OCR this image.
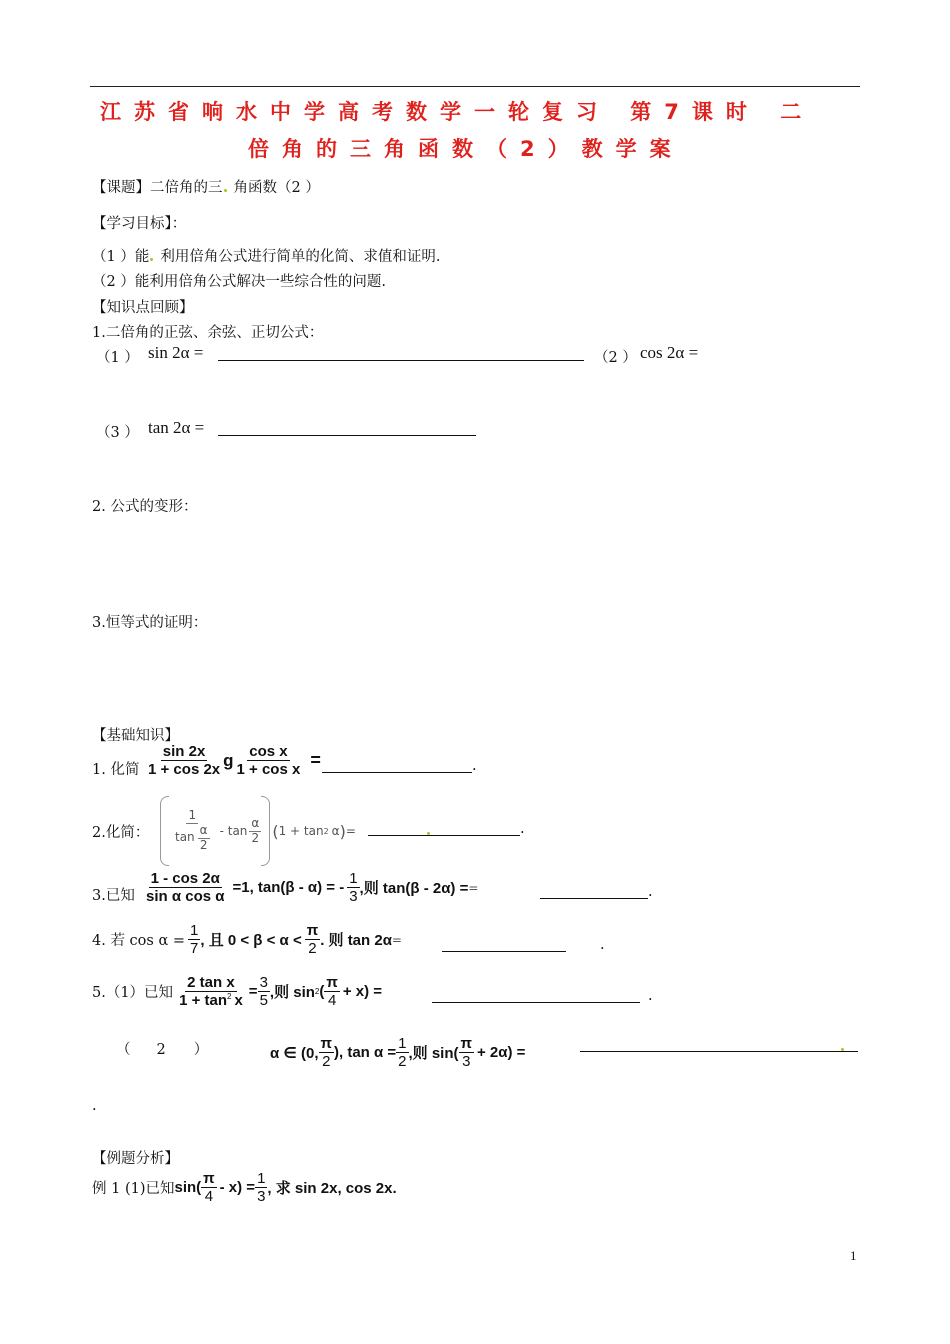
江苏省响水中学高考数学一轮复习 第7课时 二
倍角的三角函数（2）教学案
【课题】二倍角的三 角函数（2 ）
【学习目标】：
（1 ）能 利用倍角公式进行简单的化简、求值和证明.
（2 ）能利用倍角公式解决一些综合性的问题.
【知识点回顾】
1.二倍角的正弦、余弦、正切公式：
（1 ） sin 2α =	（2 ） cos 2α =
（3 ） tan 2α =
2. 公式的变形：
3.恒等式的证明：
【基础知识】
1. 化简 $\frac{\sin 2x}{1 + \cos 2x}$ g $\frac{\text{cos x}}{\text{1 + cos x}}$ =	.
2.化简： $\frac{1}{\tan \frac{\alpha}{2}}$ - $\tan \frac{\alpha}{2}$ ( 1 + tan 2 α ) =	.
3.已知 $\frac{1 - \cos 2\alpha}{\text{sin α cos α}} =1$, tan(β - α) = - $\frac{1}{3}$ ,则 tan(β - 2α) = =	.
4. 若 $\cos \alpha = \frac{1}{7}$ , 且 $0 < \beta < \alpha < \frac{\pi}{2}$ . 则 tan 2α =	.
5.（1）已知 $\frac{\text{2 tan x}}{1 + \tan^2 x} = \frac{3}{5}$ ,则 sin 2 ( $\frac{\pi}{4} + x$) =	.
（ 2 ）	α ∈ (0, $\frac{\pi}{2}$ ), $\tan \alpha = \frac{1}{2}$ ,则 $\sin( \frac{\pi}{3} + 2\alpha)$ =
.
【例题分析】
例 1 (1)已知 $\sin( \frac{\pi}{4} - x) = \frac{1}{3}$ , 求 sin 2x, cos 2x.
1
